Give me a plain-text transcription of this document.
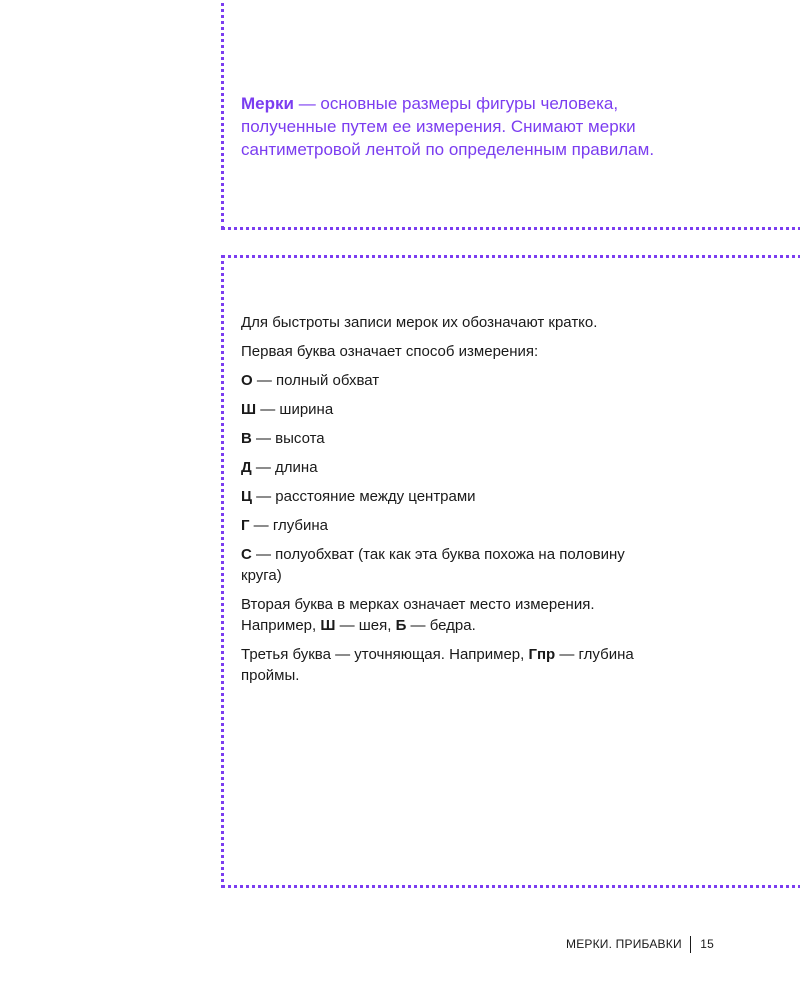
Мерки — основные размеры фигуры человека, полученные путем ее измерения. Снимают мерки сантиметровой лентой по определенным правилам.

Для быстроты записи мерок их обозначают кратко.

Первая буква означает способ измерения:

О — полный обхват

Ш — ширина

В — высота

Д — длина

Ц — расстояние между центрами

Г — глубина

С — полуобхват (так как эта буква похожа на половину круга)

Вторая буква в мерках означает место измерения. Например, Ш — шея, Б — бедра.

Третья буква — уточняющая. Например, Гпр — глубина проймы.

МЕРКИ. ПРИБАВКИ 15
